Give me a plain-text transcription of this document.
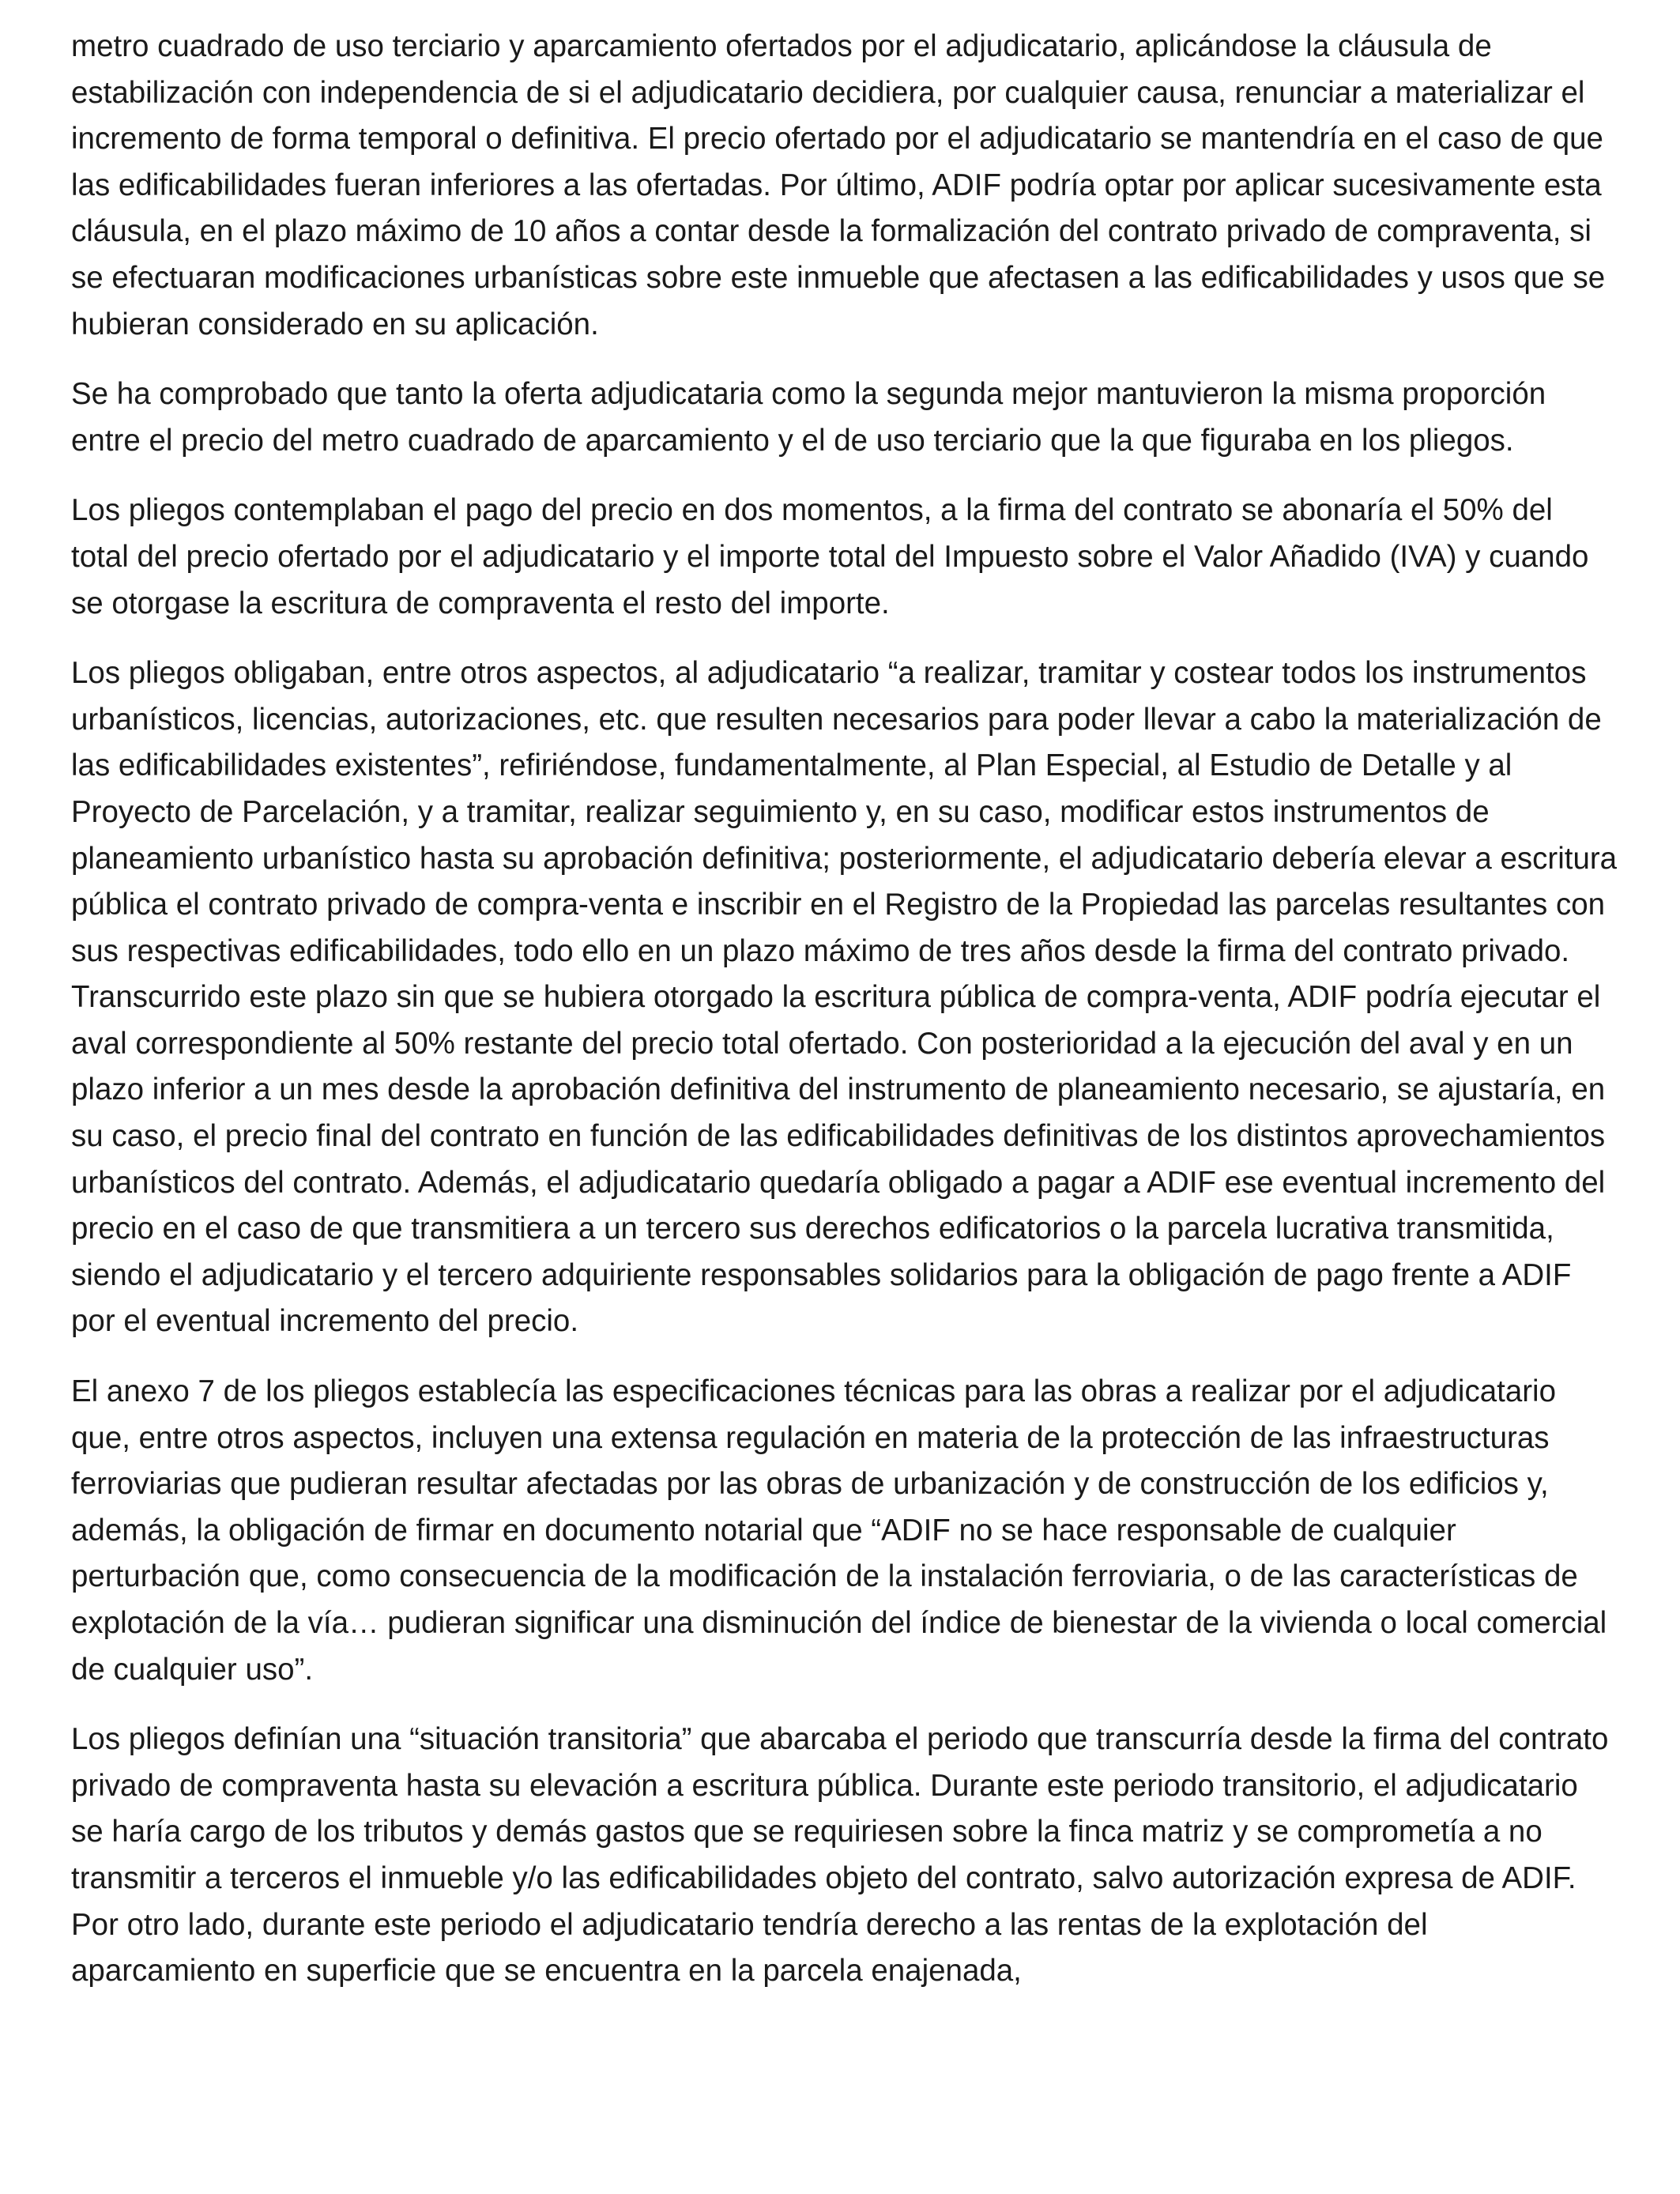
metro cuadrado de uso terciario y aparcamiento ofertados por el adjudicatario, aplicándose la cláusula de estabilización con independencia de si el adjudicatario decidiera, por cualquier causa, renunciar a materializar el incremento de forma temporal o definitiva. El precio ofertado por el adjudicatario se mantendría en el caso de que las edificabilidades fueran inferiores a las ofertadas. Por último, ADIF podría optar por aplicar sucesivamente esta cláusula, en el plazo máximo de 10 años a contar desde la formalización del contrato privado de compraventa, si se efectuaran modificaciones urbanísticas sobre este inmueble que afectasen a las edificabilidades y usos que se hubieran considerado en su aplicación.

Se ha comprobado que tanto la oferta adjudicataria como la segunda mejor mantuvieron la misma proporción entre el precio del metro cuadrado de aparcamiento y el de uso terciario que la que figuraba en los pliegos.

Los pliegos contemplaban el pago del precio en dos momentos, a la firma del contrato se abonaría el 50% del total del precio ofertado por el adjudicatario y el importe total del Impuesto sobre el Valor Añadido (IVA) y cuando se otorgase la escritura de compraventa el resto del importe.

Los pliegos obligaban, entre otros aspectos, al adjudicatario “a realizar, tramitar y costear todos los instrumentos urbanísticos, licencias, autorizaciones, etc. que resulten necesarios para poder llevar a cabo la materialización de las edificabilidades existentes”, refiriéndose, fundamentalmente, al Plan Especial, al Estudio de Detalle y al Proyecto de Parcelación, y a tramitar, realizar seguimiento y, en su caso, modificar estos instrumentos de planeamiento urbanístico hasta su aprobación definitiva; posteriormente, el adjudicatario debería elevar a escritura pública el contrato privado de compra-venta e inscribir en el Registro de la Propiedad las parcelas resultantes con sus respectivas edificabilidades, todo ello en un plazo máximo de tres años desde la firma del contrato privado. Transcurrido este plazo sin que se hubiera otorgado la escritura pública de compra-venta, ADIF podría ejecutar el aval correspondiente al 50% restante del precio total ofertado. Con posterioridad a la ejecución del aval y en un plazo inferior a un mes desde la aprobación definitiva del instrumento de planeamiento necesario, se ajustaría, en su caso, el precio final del contrato en función de las edificabilidades definitivas de los distintos aprovechamientos urbanísticos del contrato. Además, el adjudicatario quedaría obligado a pagar a ADIF ese eventual incremento del precio en el caso de que transmitiera a un tercero sus derechos edificatorios o la parcela lucrativa transmitida, siendo el adjudicatario y el tercero adquiriente responsables solidarios para la obligación de pago frente a ADIF por el eventual incremento del precio.

El anexo 7 de los pliegos establecía las especificaciones técnicas para las obras a realizar por el adjudicatario que, entre otros aspectos, incluyen una extensa regulación en materia de la protección de las infraestructuras ferroviarias que pudieran resultar afectadas por las obras de urbanización y de construcción de los edificios y, además, la obligación de firmar en documento notarial que “ADIF no se hace responsable de cualquier perturbación que, como consecuencia de la modificación de la instalación ferroviaria, o de las características de explotación de la vía… pudieran significar una disminución del índice de bienestar de la vivienda o local comercial de cualquier uso”.

Los pliegos definían una “situación transitoria” que abarcaba el periodo que transcurría desde la firma del contrato privado de compraventa hasta su elevación a escritura pública. Durante este periodo transitorio, el adjudicatario se haría cargo de los tributos y demás gastos que se requiriesen sobre la finca matriz y se comprometía a no transmitir a terceros el inmueble y/o las edificabilidades objeto del contrato, salvo autorización expresa de ADIF. Por otro lado, durante este periodo el adjudicatario tendría derecho a las rentas de la explotación del aparcamiento en superficie que se encuentra en la parcela enajenada,
